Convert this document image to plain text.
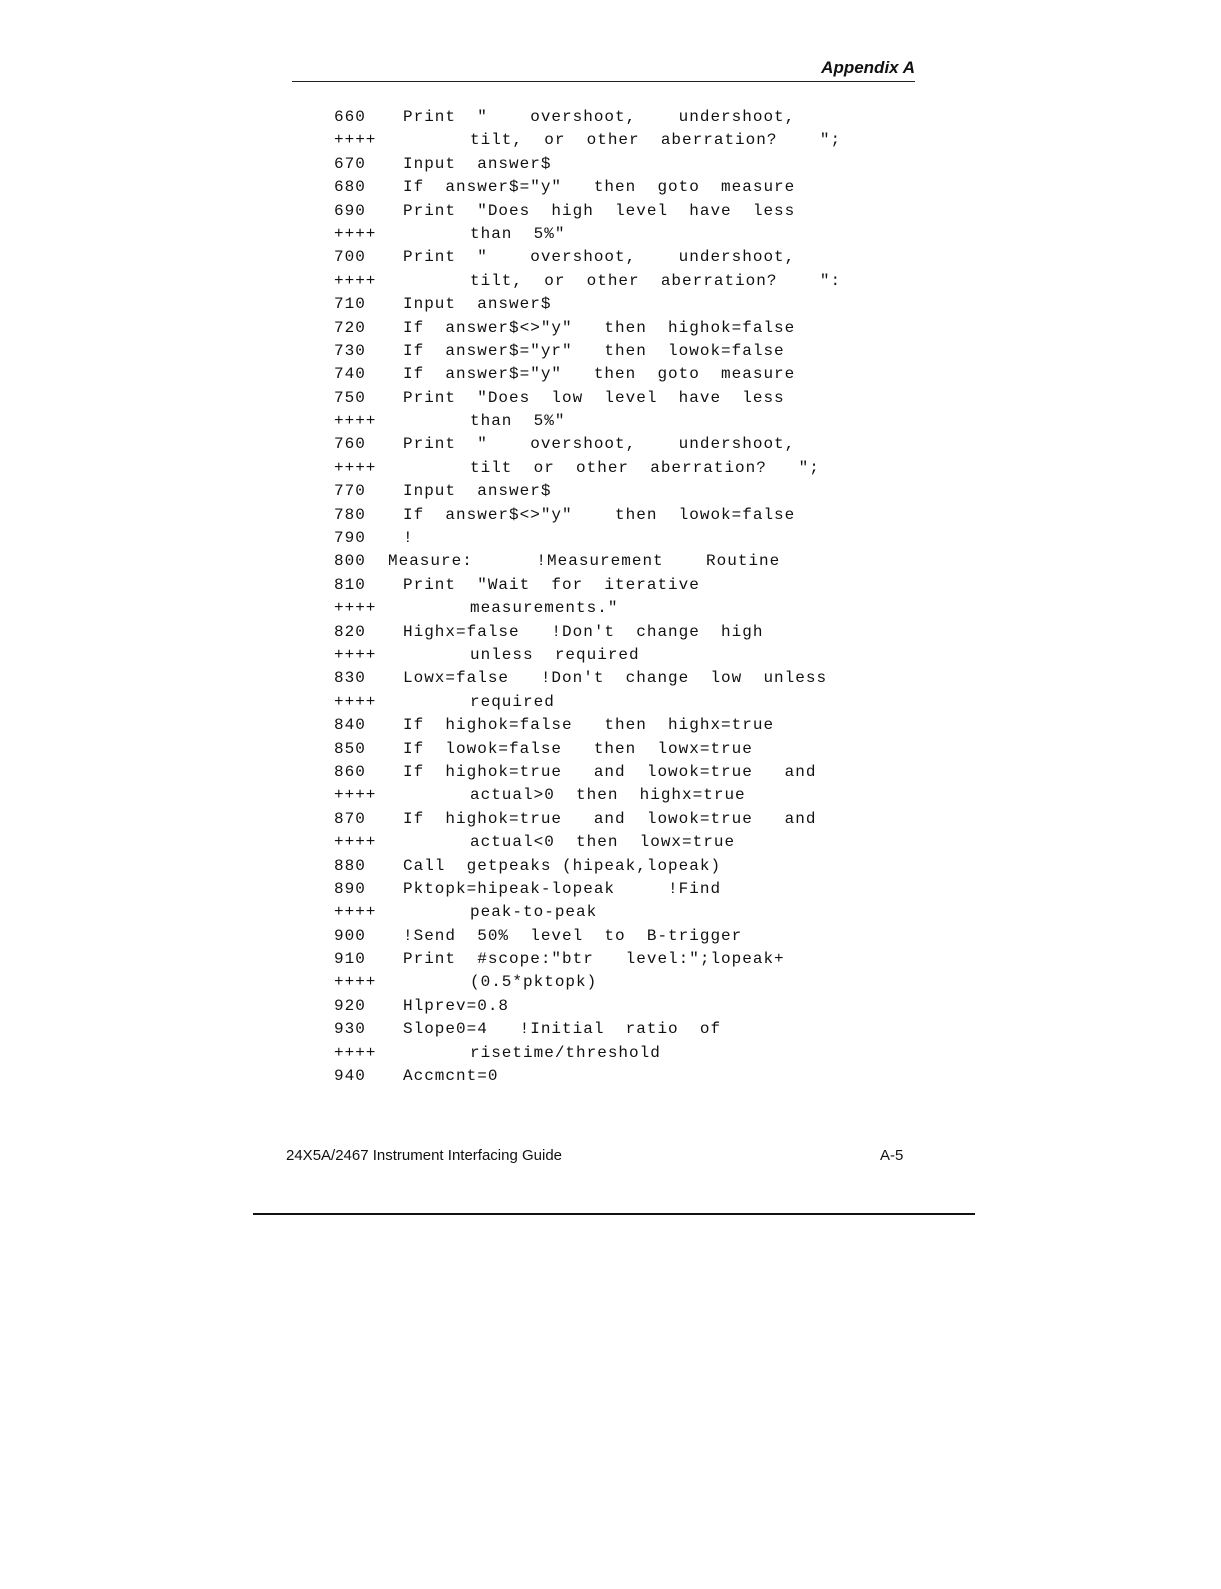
Appendix A
660 Print  "    overshoot,    undershoot,
++++	tilt,  or  other  aberration?    ";
670 Input  answer$
680 If  answer$="y"   then  goto  measure
690 Print  "Does  high  level  have  less
++++	than  5%"
700 Print  "    overshoot,    undershoot,
++++	tilt,  or  other  aberration?    ":
710 Input  answer$
720 If  answer$<>"y"   then  highok=false
730 If  answer$="yr"   then  lowok=false
740 If  answer$="y"   then  goto  measure
750 Print  "Does  low  level  have  less
++++	than  5%"
760 Print  "    overshoot,    undershoot,
++++	tilt  or  other  aberration?   ";
770 Input  answer$
780 If  answer$<>"y"    then  lowok=false
790 !
800 Measure:      !Measurement    Routine
810 Print  "Wait  for  iterative
++++	measurements."
820 Highx=false   !Don't  change  high
++++	unless  required
830 Lowx=false   !Don't  change  low  unless
++++	required
840 If  highok=false   then  highx=true
850 If  lowok=false   then  lowx=true
860 If  highok=true   and  lowok=true   and
++++	actual>0  then  highx=true
870 If  highok=true   and  lowok=true   and
++++	actual<0  then  lowx=true
880 Call  getpeaks (hipeak,lopeak)
890 Pktopk=hipeak-lopeak     !Find
++++	peak-to-peak
900 !Send  50%  level  to  B-trigger
910 Print  #scope:"btr   level:";lopeak+
++++	(0.5*pktopk)
920 Hlprev=0.8
930 Slope0=4   !Initial  ratio  of
++++	risetime/threshold
940 Accmcnt=0
24X5A/2467 Instrument Interfacing Guide	A-5
